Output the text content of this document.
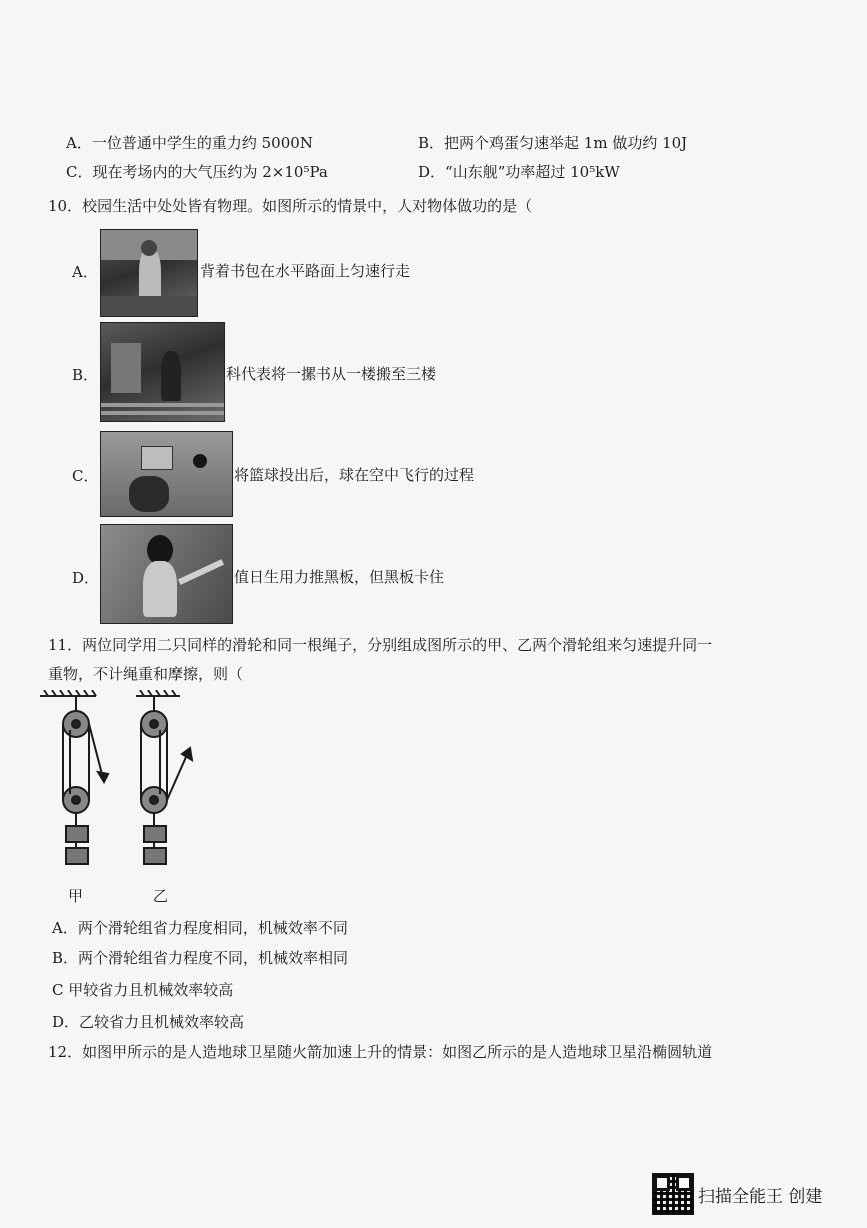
A．一位普通中学生的重力约 5000N	B．把两个鸡蛋匀速举起 1m 做功约 10J
C．现在考场内的大气压约为 2×10⁵Pa	D．“山东舰”功率超过 10⁵kW
10．校园生活中处处皆有物理。如图所示的情景中，人对物体做功的是（
A．	背着书包在水平路面上匀速行走
B．	科代表将一摞书从一楼搬至三楼
C．	将篮球投出后，球在空中飞行的过程
D．	值日生用力推黑板，但黑板卡住
11．两位同学用二只同样的滑轮和同一根绳子，分别组成图所示的甲、乙两个滑轮组来匀速提升同一
重物，不计绳重和摩擦，则（
甲	乙
A．两个滑轮组省力程度相同，机械效率不同
B．两个滑轮组省力程度不同，机械效率相同
C 甲较省力且机械效率较高
D．乙较省力且机械效率较高
12．如图甲所示的是人造地球卫星随火箭加速上升的情景：如图乙所示的是人造地球卫星沿椭圆轨道
扫描全能王 创建
